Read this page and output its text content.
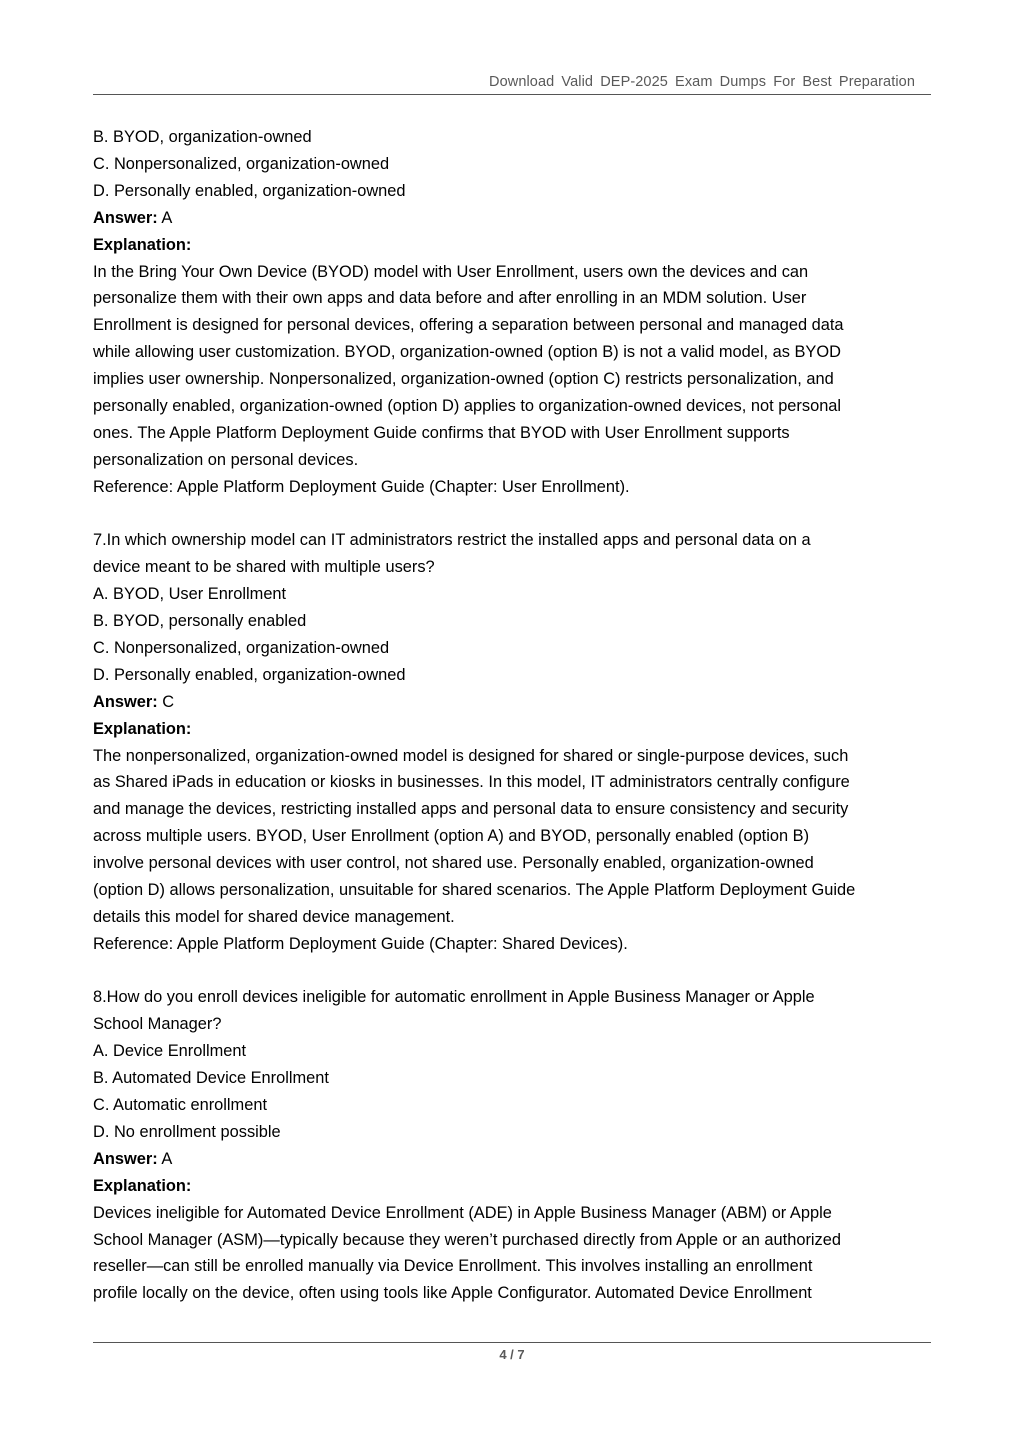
Download Valid DEP-2025 Exam Dumps For Best Preparation
B. BYOD, organization-owned
C. Nonpersonalized, organization-owned
D. Personally enabled, organization-owned
Answer: A
Explanation:
In the Bring Your Own Device (BYOD) model with User Enrollment, users own the devices and can
personalize them with their own apps and data before and after enrolling in an MDM solution. User
Enrollment is designed for personal devices, offering a separation between personal and managed data
while allowing user customization. BYOD, organization-owned (option B) is not a valid model, as BYOD
implies user ownership. Nonpersonalized, organization-owned (option C) restricts personalization, and
personally enabled, organization-owned (option D) applies to organization-owned devices, not personal
ones. The Apple Platform Deployment Guide confirms that BYOD with User Enrollment supports
personalization on personal devices.
Reference: Apple Platform Deployment Guide (Chapter: User Enrollment).
7.In which ownership model can IT administrators restrict the installed apps and personal data on a
device meant to be shared with multiple users?
A. BYOD, User Enrollment
B. BYOD, personally enabled
C. Nonpersonalized, organization-owned
D. Personally enabled, organization-owned
Answer: C
Explanation:
The nonpersonalized, organization-owned model is designed for shared or single-purpose devices, such
as Shared iPads in education or kiosks in businesses. In this model, IT administrators centrally configure
and manage the devices, restricting installed apps and personal data to ensure consistency and security
across multiple users. BYOD, User Enrollment (option A) and BYOD, personally enabled (option B)
involve personal devices with user control, not shared use. Personally enabled, organization-owned
(option D) allows personalization, unsuitable for shared scenarios. The Apple Platform Deployment Guide
details this model for shared device management.
Reference: Apple Platform Deployment Guide (Chapter: Shared Devices).
8.How do you enroll devices ineligible for automatic enrollment in Apple Business Manager or Apple
School Manager?
A. Device Enrollment
B. Automated Device Enrollment
C. Automatic enrollment
D. No enrollment possible
Answer: A
Explanation:
Devices ineligible for Automated Device Enrollment (ADE) in Apple Business Manager (ABM) or Apple
School Manager (ASM)—typically because they weren’t purchased directly from Apple or an authorized
reseller—can still be enrolled manually via Device Enrollment. This involves installing an enrollment
profile locally on the device, often using tools like Apple Configurator. Automated Device Enrollment
4 / 7
